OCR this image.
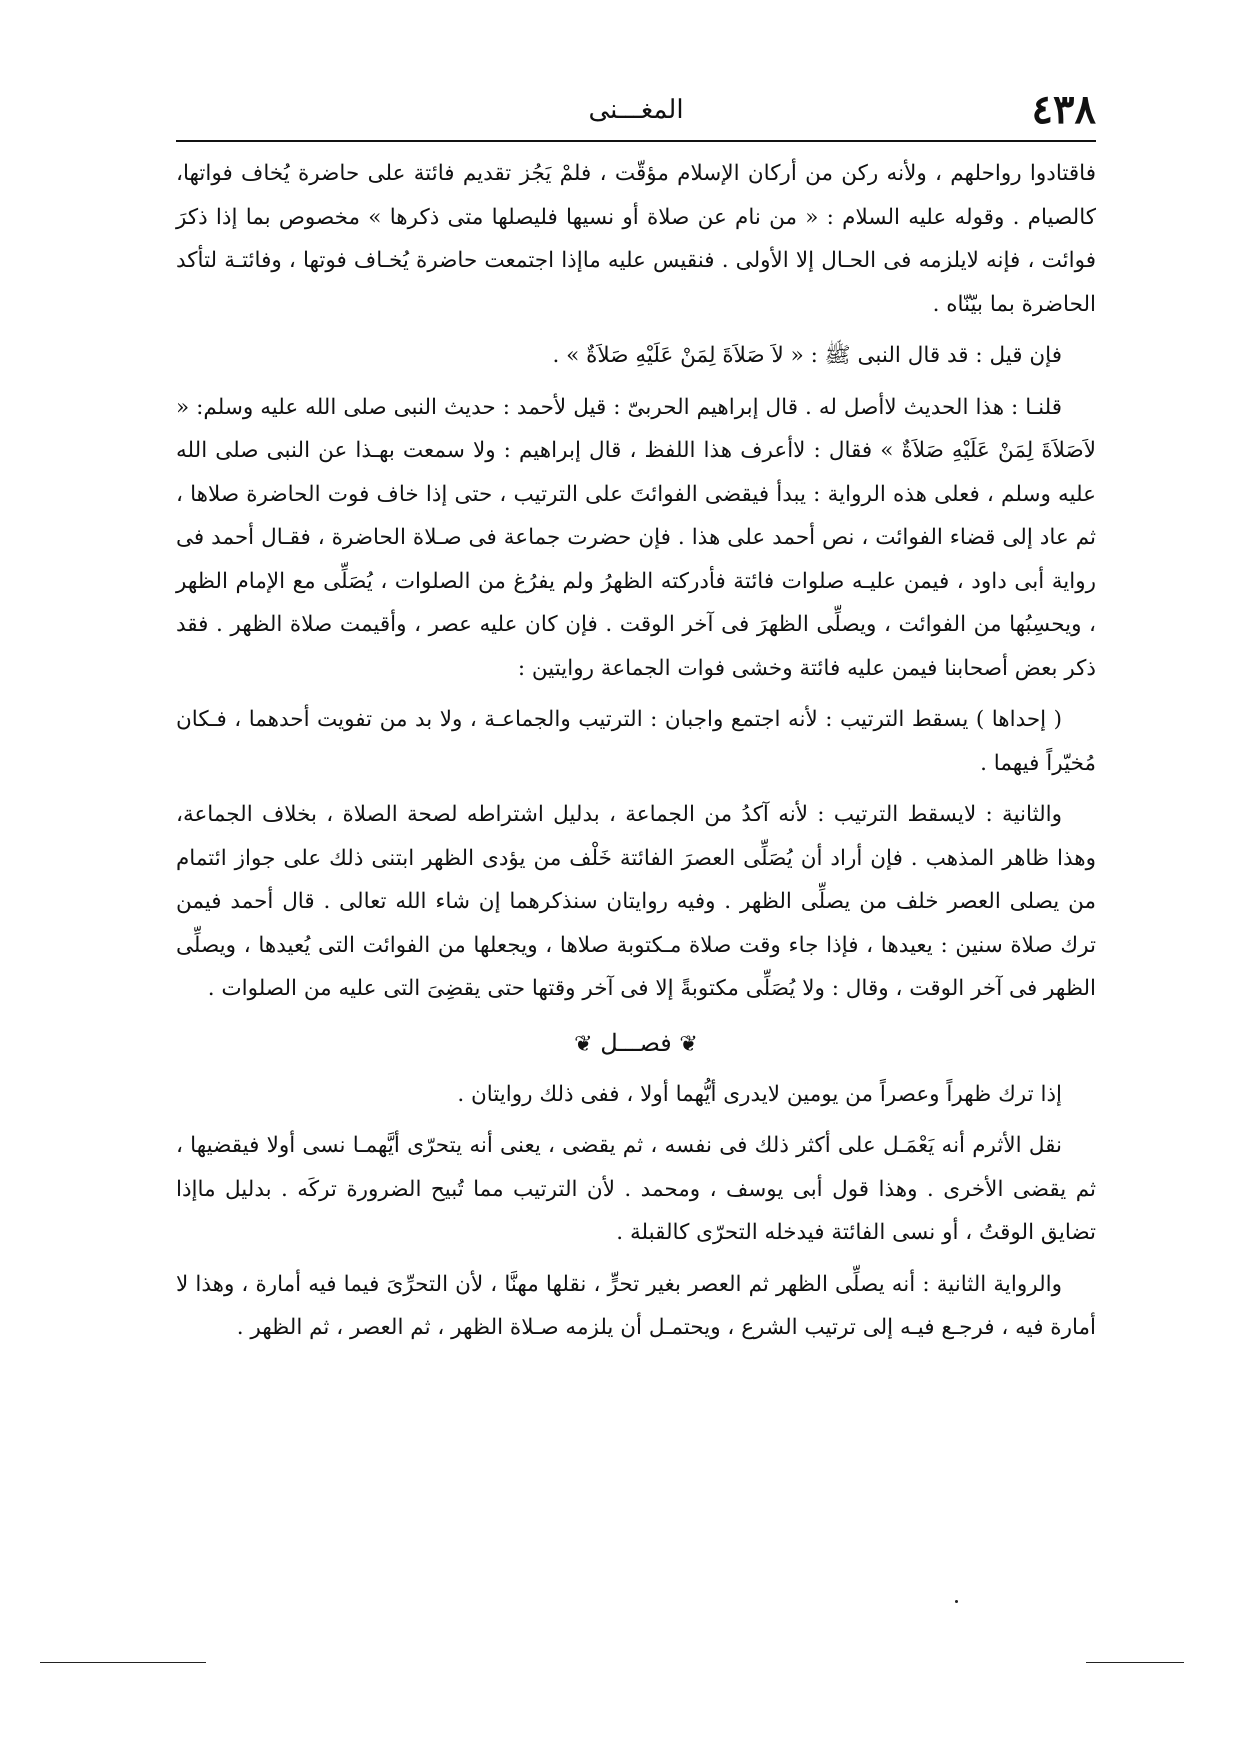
٤٣٨
المغـــنى

فاقتادوا رواحلهم ، ولأنه ركن من أركان الإسلام مؤقّت ، فلمْ يَجُز تقديم فائتة على حاضرة يُخاف فواتها، كالصيام . وقوله عليه السلام : « من نام عن صلاة أو نسيها فليصلها متى ذكرها » مخصوص بما إذا ذكرَ فوائت ، فإنه لايلزمه فى الحـال إلا الأولى . فنقيس عليه ماإذا اجتمعت حاضرة يُخـاف فوتها ، وفائتـة لتأكد الحاضرة بما بيّنّاه .

فإن قيل : قد قال النبى ﷺ : « لاَ صَلاَةَ لِمَنْ عَلَيْهِ صَلاَةٌ » .

قلنـا : هذا الحديث لاأصل له . قال إبراهيم الحربىّ : قيل لأحمد : حديث النبى صلى الله عليه وسلم: « لاَصَلاَةَ لِمَنْ عَلَيْهِ صَلاَةٌ » فقال : لاأعرف هذا اللفظ ، قال إبراهيم : ولا سمعت بهـذا عن النبى صلى الله عليه وسلم ، فعلى هذه الرواية : يبدأ فيقضى الفوائتَ على الترتيب ، حتى إذا خاف فوت الحاضرة صلاها ، ثم عاد إلى قضاء الفوائت ، نص أحمد على هذا . فإن حضرت جماعة فى صـلاة الحاضرة ، فقـال أحمد فى رواية أبى داود ، فيمن عليـه صلوات فائتة فأدركته الظهرُ ولم يفرُغ من الصلوات ، يُصَلِّى مع الإمام الظهر ، ويحسِبُها من الفوائت ، ويصلِّى الظهرَ فى آخر الوقت . فإن كان عليه عصر ، وأقيمت صلاة الظهر . فقد ذكر بعض أصحابنا فيمن عليه فائتة وخشى فوات الجماعة روايتين :

( إحداها ) يسقط الترتيب : لأنه اجتمع واجبان : الترتيب والجماعـة ، ولا بد من تفويت أحدهما ، فـكان مُخيّراً فيهما .

والثانية : لايسقط الترتيب : لأنه آكدُ من الجماعة ، بدليل اشتراطه لصحة الصلاة ، بخلاف الجماعة، وهذا ظاهر المذهب . فإن أراد أن يُصَلِّى العصرَ الفائتة خَلْف من يؤدى الظهر ابتنى ذلك على جواز ائتمام من يصلى العصر خلف من يصلِّى الظهر . وفيه روايتان سنذكرهما إن شاء الله تعالى . قال أحمد فيمن ترك صلاة سنين : يعيدها ، فإذا جاء وقت صلاة مـكتوبة صلاها ، ويجعلها من الفوائت التى يُعيدها ، ويصلِّى الظهر فى آخر الوقت ، وقال : ولا يُصَلِّى مكتوبةً إلا فى آخر وقتها حتى يقضِىَ التى عليه من الصلوات .

❦ فصـــل ❦

إذا ترك ظهراً وعصراً من يومين لايدرى أيُّهما أولا ، ففى ذلك روايتان .

نقل الأثرم أنه يَعْمَـل على أكثر ذلك فى نفسه ، ثم يقضى ، يعنى أنه يتحرّى أيَّهمـا نسى أولا فيقضيها ، ثم يقضى الأخرى . وهذا قول أبى يوسف ، ومحمد . لأن الترتيب مما تُبيح الضرورة تركَه . بدليل ماإذا تضايق الوقتُ ، أو نسى الفائتة فيدخله التحرّى كالقبلة .

والرواية الثانية : أنه يصلِّى الظهر ثم العصر بغير تحرٍّ ، نقلها مهنَّا ، لأن التحرِّىَ فيما فيه أمارة ، وهذا لا أمارة فيه ، فرجـع فيـه إلى ترتيب الشرع ، ويحتمـل أن يلزمه صـلاة الظهر ، ثم العصر ، ثم الظهر .
